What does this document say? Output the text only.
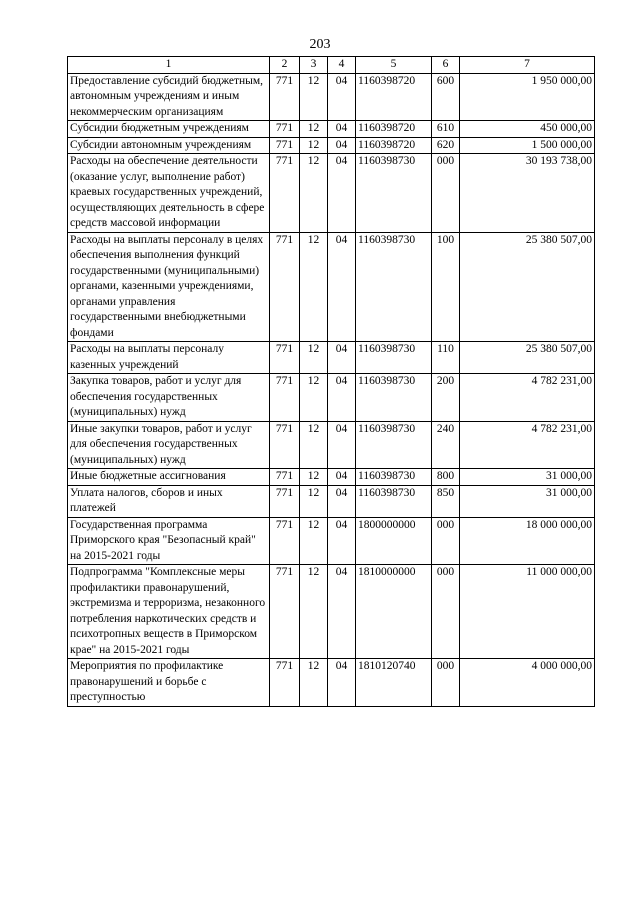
203
1	2	3	4	5	6	7
Предоставление субсидий бюджетным, автономным учреждениям и иным некоммерческим организациям	771	12	04	1160398720	600	1 950 000,00
Субсидии бюджетным учреждениям	771	12	04	1160398720	610	450 000,00
Субсидии автономным учреждениям	771	12	04	1160398720	620	1 500 000,00
Расходы на обеспечение деятельности (оказание услуг, выполнение работ) краевых государственных учреждений, осуществляющих деятельность в сфере средств массовой информации	771	12	04	1160398730	000	30 193 738,00
Расходы на выплаты персоналу в целях обеспечения выполнения функций государственными (муниципальными) органами, казенными учреждениями, органами управления государственными внебюджетными фондами	771	12	04	1160398730	100	25 380 507,00
Расходы на выплаты персоналу казенных учреждений	771	12	04	1160398730	110	25 380 507,00
Закупка товаров, работ и услуг для обеспечения государственных (муниципальных) нужд	771	12	04	1160398730	200	4 782 231,00
Иные закупки товаров, работ и услуг для обеспечения государственных (муниципальных) нужд	771	12	04	1160398730	240	4 782 231,00
Иные бюджетные ассигнования	771	12	04	1160398730	800	31 000,00
Уплата налогов, сборов и иных платежей	771	12	04	1160398730	850	31 000,00
Государственная программа Приморского края "Безопасный край" на 2015-2021 годы	771	12	04	1800000000	000	18 000 000,00
Подпрограмма "Комплексные меры профилактики правонарушений, экстремизма и терроризма, незаконного потребления наркотических средств и психотропных веществ в Приморском крае" на 2015-2021 годы	771	12	04	1810000000	000	11 000 000,00
Мероприятия по профилактике правонарушений и борьбе с преступностью	771	12	04	1810120740	000	4 000 000,00
